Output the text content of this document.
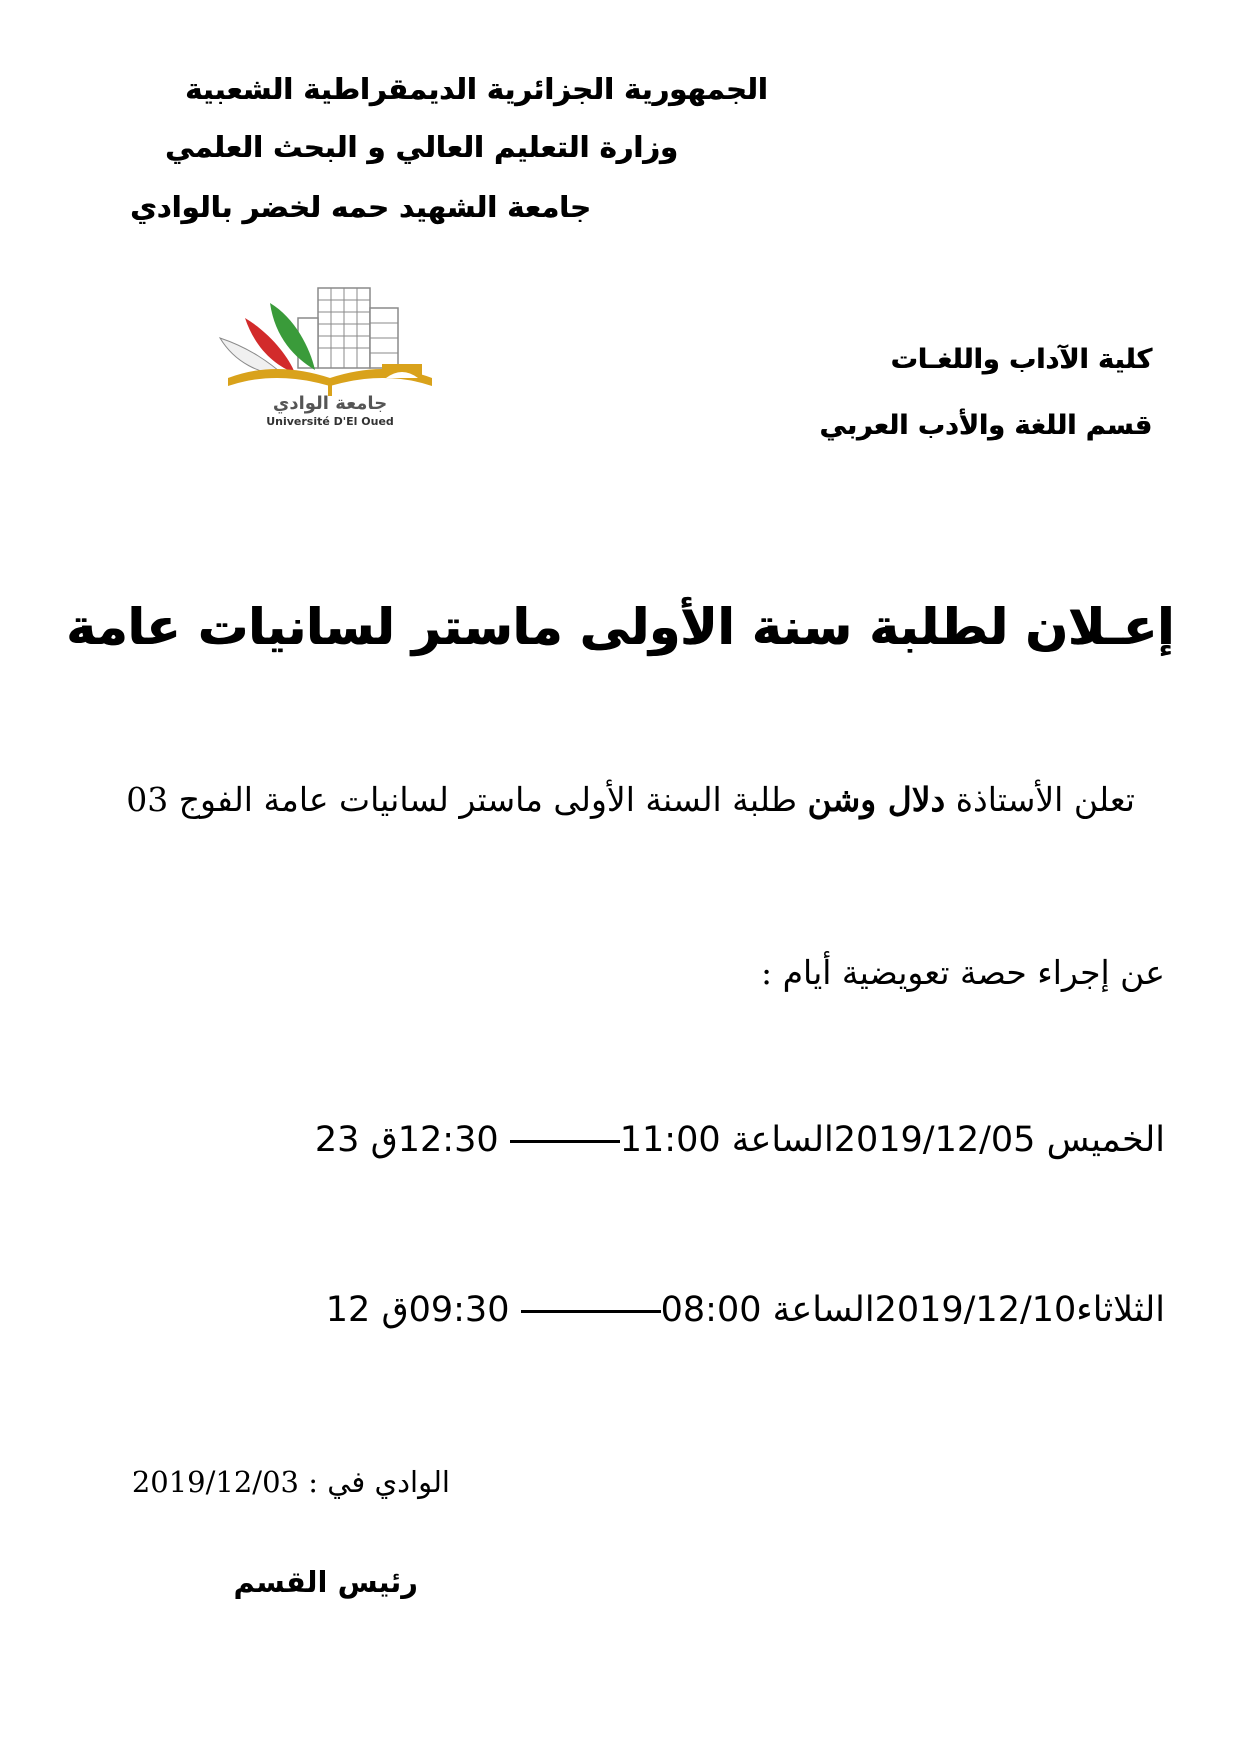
الجمهورية الجزائرية الديمقراطية الشعبية
وزارة التعليم العالي و البحث العلمي
جامعة الشهيد حمه لخضر بالوادي
جامعة الوادي
Université D'El Oued
كلية الآداب واللغـات
قسم اللغة والأدب العربي
إعـلان لطلبة سنة الأولى ماستر لسانيات عامة
تعلن الأستاذة دلال وشن طلبة السنة الأولى ماستر لسانيات عامة الفوج 03
عن إجراء حصة تعويضية أيام :
الخميس 2019/12/05الساعة 11:00 12:30ق 23
الثلاثاء2019/12/10الساعة 08:00 09:30ق 12
الوادي في : 2019/12/03
رئيس القسم
